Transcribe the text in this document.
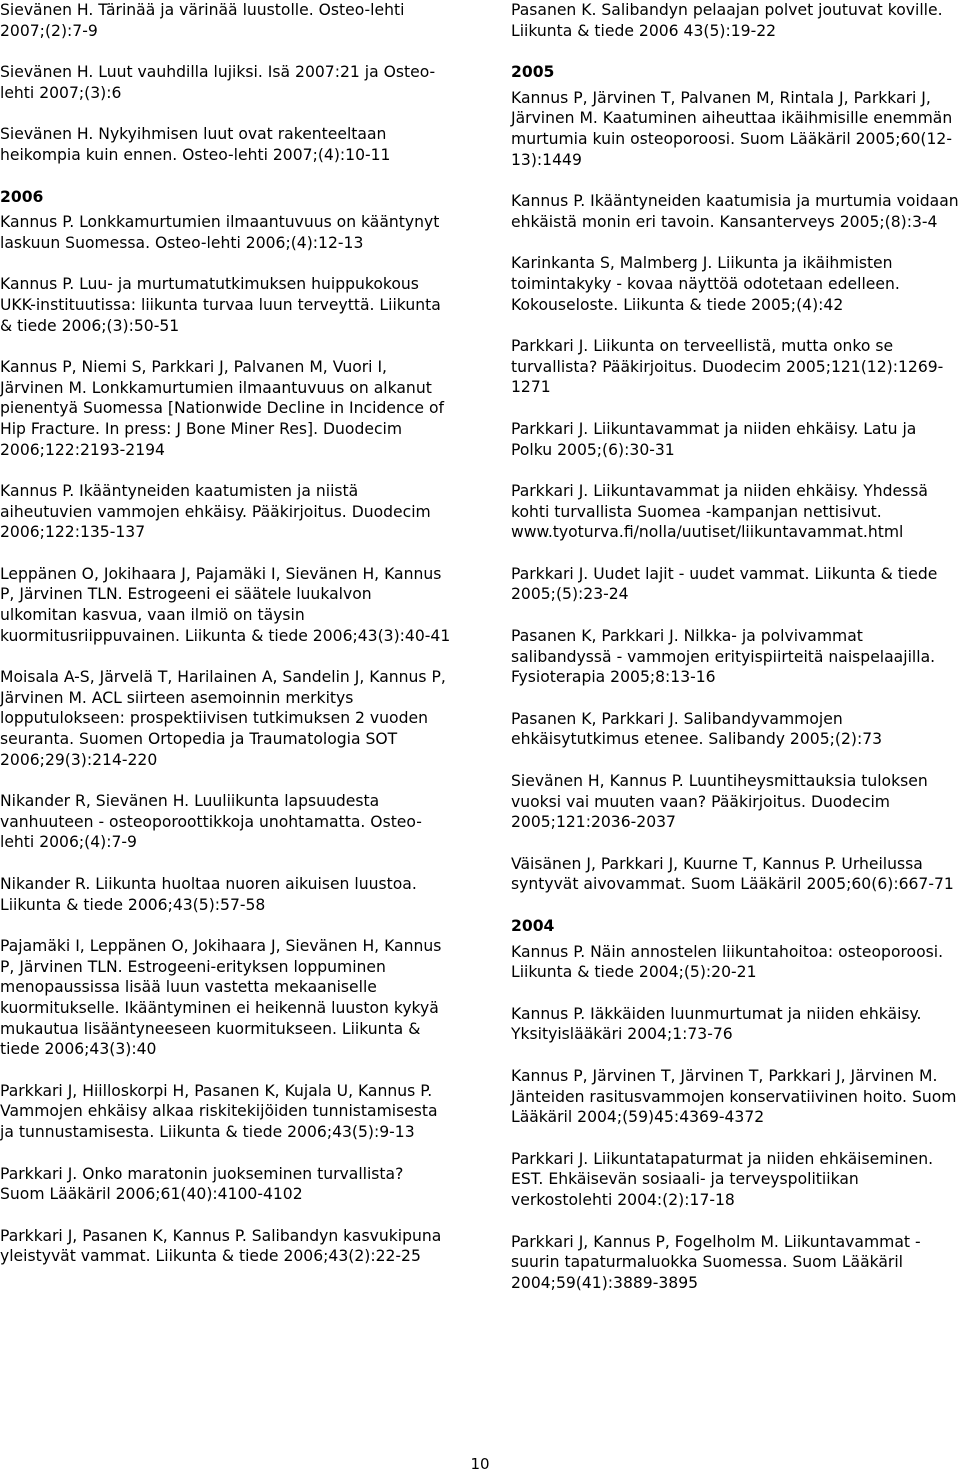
Sievänen H. Tärinää ja värinää luustolle. Osteo-lehti 2007;(2):7-9

Sievänen H. Luut vauhdilla lujiksi. Isä 2007:21 ja Osteo-lehti 2007;(3):6

Sievänen H. Nykyihmisen luut ovat rakenteeltaan heikompia kuin ennen. Osteo-lehti 2007;(4):10-11

2006

Kannus P. Lonkkamurtumien ilmaantuvuus on kääntynyt laskuun Suomessa. Osteo-lehti 2006;(4):12-13

Kannus P. Luu- ja murtumatutkimuksen huippukokous UKK-instituutissa: liikunta turvaa luun terveyttä. Liikunta & tiede 2006;(3):50-51

Kannus P, Niemi S, Parkkari J, Palvanen M, Vuori I, Järvinen M. Lonkkamurtumien ilmaantuvuus on alkanut pienentyä Suomessa [Nationwide Decline in Incidence of Hip Fracture. In press: J Bone Miner Res]. Duodecim 2006;122:2193-2194

Kannus P. Ikääntyneiden kaatumisten ja niistä aiheutuvien vammojen ehkäisy. Pääkirjoitus. Duodecim 2006;122:135-137

Leppänen O, Jokihaara J, Pajamäki I, Sievänen H, Kannus P, Järvinen TLN. Estrogeeni ei säätele luukalvon ulkomitan kasvua, vaan ilmiö on täysin kuormitusriippuvainen. Liikunta & tiede 2006;43(3):40-41

Moisala A-S, Järvelä T, Harilainen A, Sandelin J, Kannus P, Järvinen M. ACL siirteen asemoinnin merkitys lopputulokseen: prospektiivisen tutkimuksen 2 vuoden seuranta. Suomen Ortopedia ja Traumatologia SOT 2006;29(3):214-220

Nikander R, Sievänen H. Luuliikunta lapsuudesta vanhuuteen - osteoporoottikkoja unohtamatta. Osteo-lehti 2006;(4):7-9

Nikander R. Liikunta huoltaa nuoren aikuisen luustoa. Liikunta & tiede 2006;43(5):57-58

Pajamäki I, Leppänen O, Jokihaara J, Sievänen H, Kannus P, Järvinen TLN. Estrogeeni-erityksen loppuminen menopaussissa lisää luun vastetta mekaaniselle kuormitukselle. Ikääntyminen ei heikennä luuston kykyä mukautua lisääntyneeseen kuormitukseen. Liikunta & tiede 2006;43(3):40

Parkkari J, Hiilloskorpi H, Pasanen K, Kujala U, Kannus P. Vammojen ehkäisy alkaa riskitekijöiden tunnistamisesta ja tunnustamisesta. Liikunta & tiede 2006;43(5):9-13

Parkkari J. Onko maratonin juokseminen turvallista? Suom Lääkäril 2006;61(40):4100-4102

Parkkari J, Pasanen K, Kannus P. Salibandyn kasvukipuna yleistyvät vammat. Liikunta & tiede 2006;43(2):22-25

Pasanen K. Salibandyn pelaajan polvet joutuvat koville. Liikunta & tiede 2006 43(5):19-22

2005

Kannus P, Järvinen T, Palvanen M, Rintala J, Parkkari J, Järvinen M. Kaatuminen aiheuttaa ikäihmisille enemmän murtumia kuin osteoporoosi. Suom Lääkäril 2005;60(12-13):1449

Kannus P. Ikääntyneiden kaatumisia ja murtumia voidaan ehkäistä monin eri tavoin. Kansanterveys 2005;(8):3-4

Karinkanta S, Malmberg J. Liikunta ja ikäihmisten toimintakyky - kovaa näyttöä odotetaan edelleen. Kokouseloste. Liikunta & tiede 2005;(4):42

Parkkari J. Liikunta on terveellistä, mutta onko se turvallista? Pääkirjoitus. Duodecim 2005;121(12):1269-1271

Parkkari J. Liikuntavammat ja niiden ehkäisy. Latu ja Polku 2005;(6):30-31

Parkkari J. Liikuntavammat ja niiden ehkäisy. Yhdessä kohti turvallista Suomea -kampanjan nettisivut. www.tyoturva.fi/nolla/uutiset/liikuntavammat.html

Parkkari J. Uudet lajit - uudet vammat. Liikunta & tiede 2005;(5):23-24

Pasanen K, Parkkari J. Nilkka- ja polvivammat salibandyssä - vammojen erityispiirteitä naispelaajilla. Fysioterapia 2005;8:13-16

Pasanen K, Parkkari J. Salibandyvammojen ehkäisytutkimus etenee. Salibandy 2005;(2):73

Sievänen H, Kannus P. Luuntiheysmittauksia tuloksen vuoksi vai muuten vaan? Pääkirjoitus. Duodecim 2005;121:2036-2037

Väisänen J, Parkkari J, Kuurne T, Kannus P. Urheilussa syntyvät aivovammat. Suom Lääkäril 2005;60(6):667-71

2004

Kannus P. Näin annostelen liikuntahoitoa: osteoporoosi. Liikunta & tiede 2004;(5):20-21

Kannus P. Iäkkäiden luunmurtumat ja niiden ehkäisy. Yksityislääkäri 2004;1:73-76

Kannus P, Järvinen T, Järvinen T, Parkkari J, Järvinen M. Jänteiden rasitusvammojen konservatiivinen hoito. Suom Lääkäril 2004;(59)45:4369-4372

Parkkari J. Liikuntatapaturmat ja niiden ehkäiseminen. EST. Ehkäisevän sosiaali- ja terveyspolitiikan verkostolehti 2004:(2):17-18

Parkkari J, Kannus P, Fogelholm M. Liikuntavammat - suurin tapaturmaluokka Suomessa. Suom Lääkäril 2004;59(41):3889-3895

10
